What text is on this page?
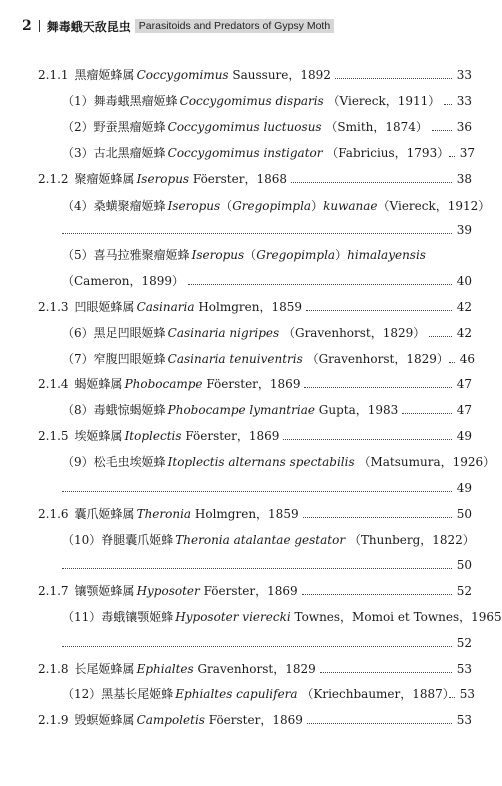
2 舞毒蛾天敌昆虫 Parasitoids and Predators of Gypsy Moth
2.1.1 黑瘤姬蜂属 Coccygomimus Saussure，1892	33
（1）舞毒蛾黑瘤姬蜂 Coccygomimus disparis （Viereck，1911） 33
（2）野蚕黑瘤姬蜂 Coccygomimus luctuosus （Smith，1874） 36
（3）古北黑瘤姬蜂 Coccygomimus instigator （Fabricius，1793） 37
2.1.2 聚瘤姬蜂属 Iseropus Föerster，1868	38
（4）桑蟥聚瘤姬蜂 Iseropus（Gregopimpla）kuwanae（Viereck，1912）
39
（5）喜马拉雅聚瘤姬蜂 Iseropus（Gregopimpla）himalayensis
（Cameron，1899）	40
2.1.3 凹眼姬蜂属 Casinaria Holmgren，1859	42
（6）黑足凹眼姬蜂 Casinaria nigripes （Gravenhorst，1829）	42
（7）窄腹凹眼姬蜂 Casinaria tenuiventris （Gravenhorst，1829） 46
2.1.4 蝎姬蜂属 Phobocampe Föerster，1869	47
（8）毒蛾惊蝎姬蜂 Phobocampe lymantriae Gupta，1983	47
2.1.5 埃姬蜂属 Itoplectis Föerster，1869	49
（9）松毛虫埃姬蜂 Itoplectis alternans spectabilis （Matsumura，1926）
49
2.1.6 囊爪姬蜂属 Theronia Holmgren，1859	50
（10）脊腿囊爪姬蜂 Theronia atalantae gestator （Thunberg，1822）
50
2.1.7 镶颚姬蜂属 Hyposoter Föerster，1869	52
（11）毒蛾镶颚姬蜂 Hyposoter vierecki Townes，Momoi et Townes，1965
52
2.1.8 长尾姬蜂属 Ephialtes Gravenhorst，1829	53
（12）黑基长尾姬蜂 Ephialtes capulifera （Kriechbaumer，1887） 53
2.1.9 毁螟姬蜂属 Campoletis Föerster，1869	53
